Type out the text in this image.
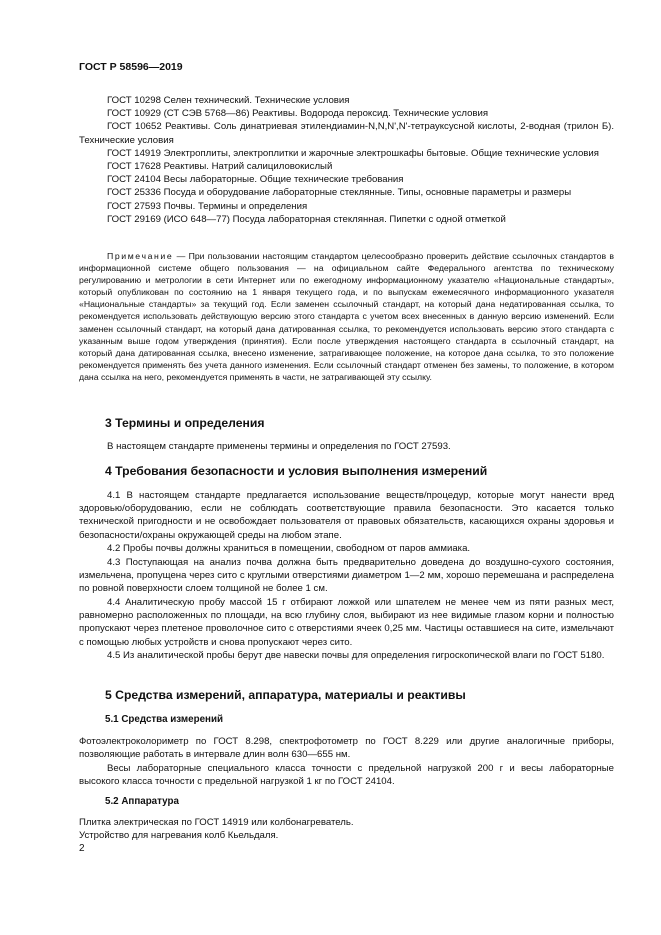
ГОСТ Р 58596—2019

ГОСТ 10298 Селен технический. Технические условия

ГОСТ 10929 (СТ СЭВ 5768—86) Реактивы. Водорода пероксид. Технические условия

ГОСТ 10652 Реактивы. Соль динатриевая этилендиамин-N,N,N',N'-тетрауксусной кислоты, 2-водная (трилон Б). Технические условия

ГОСТ 14919 Электроплиты, электроплитки и жарочные электрошкафы бытовые. Общие технические условия

ГОСТ 17628 Реактивы. Натрий салициловокислый

ГОСТ 24104 Весы лабораторные. Общие технические требования

ГОСТ 25336 Посуда и оборудование лабораторные стеклянные. Типы, основные параметры и размеры

ГОСТ 27593 Почвы. Термины и определения

ГОСТ 29169 (ИСО 648—77) Посуда лабораторная стеклянная. Пипетки с одной отметкой

Примечание — При пользовании настоящим стандартом целесообразно проверить действие ссылочных стандартов в информационной системе общего пользования — на официальном сайте Федерального агентства по техническому регулированию и метрологии в сети Интернет или по ежегодному информационному указателю «Национальные стандарты», который опубликован по состоянию на 1 января текущего года, и по выпускам ежемесячного информационного указателя «Национальные стандарты» за текущий год. Если заменен ссылочный стандарт, на который дана недатированная ссылка, то рекомендуется использовать действующую версию этого стандарта с учетом всех внесенных в данную версию изменений. Если заменен ссылочный стандарт, на который дана датированная ссылка, то рекомендуется использовать версию этого стандарта с указанным выше годом утверждения (принятия). Если после утверждения настоящего стандарта в ссылочный стандарт, на который дана датированная ссылка, внесено изменение, затрагивающее положение, на которое дана ссылка, то это положение рекомендуется применять без учета данного изменения. Если ссылочный стандарт отменен без замены, то положение, в котором дана ссылка на него, рекомендуется применять в части, не затрагивающей эту ссылку.

3 Термины и определения

В настоящем стандарте применены термины и определения по ГОСТ 27593.

4 Требования безопасности и условия выполнения измерений

4.1 В настоящем стандарте предлагается использование веществ/процедур, которые могут нанести вред здоровью/оборудованию, если не соблюдать соответствующие правила безопасности. Это касается только технической пригодности и не освобождает пользователя от правовых обязательств, касающихся охраны здоровья и безопасности/охраны окружающей среды на любом этапе.

4.2 Пробы почвы должны храниться в помещении, свободном от паров аммиака.

4.3 Поступающая на анализ почва должна быть предварительно доведена до воздушно-сухого состояния, измельчена, пропущена через сито с круглыми отверстиями диаметром 1—2 мм, хорошо перемешана и распределена по ровной поверхности слоем толщиной не более 1 см.

4.4 Аналитическую пробу массой 15 г отбирают ложкой или шпателем не менее чем из пяти разных мест, равномерно расположенных по площади, на всю глубину слоя, выбирают из нее видимые глазом корни и полностью пропускают через плетеное проволочное сито с отверстиями ячеек 0,25 мм. Частицы оставшиеся на сите, измельчают с помощью любых устройств и снова пропускают через сито.

4.5 Из аналитической пробы берут две навески почвы для определения гигроскопической влаги по ГОСТ 5180.

5 Средства измерений, аппаратура, материалы и реактивы
5.1 Средства измерений

Фотоэлектроколориметр по ГОСТ 8.298, спектрофотометр по ГОСТ 8.229 или другие аналогичные приборы, позволяющие работать в интервале длин волн 630—655 нм.

Весы лабораторные специального класса точности с предельной нагрузкой 200 г и весы лабораторные высокого класса точности с предельной нагрузкой 1 кг по ГОСТ 24104.

5.2 Аппаратура

Плитка электрическая по ГОСТ 14919 или колбонагреватель.

Устройство для нагревания колб Кьельдаля.

2
